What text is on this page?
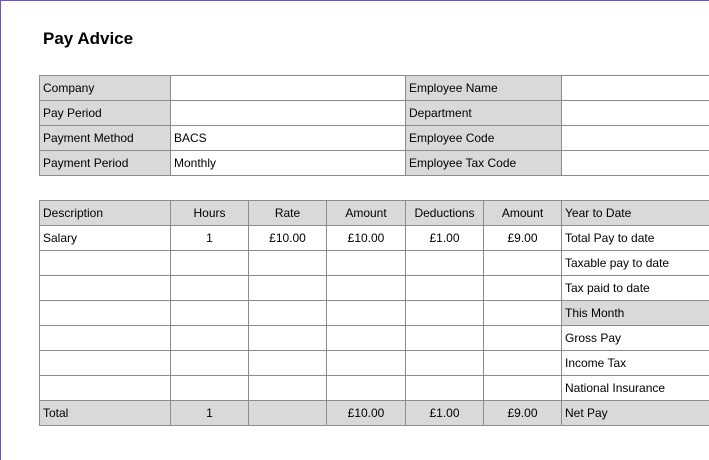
Pay Advice
Company		Employee Name	
Pay Period		Department	
Payment Method	BACS	Employee Code	
Payment Period	Monthly	Employee Tax Code	
Description	Hours	Rate	Amount	Deductions	Amount	Year to Date
Salary	1	£10.00	£10.00	£1.00	£9.00	Total Pay to date
						Taxable pay to date
						Tax paid to date
						This Month
						Gross Pay
						Income Tax
						National Insurance
Total	1		£10.00	£1.00	£9.00	Net Pay
